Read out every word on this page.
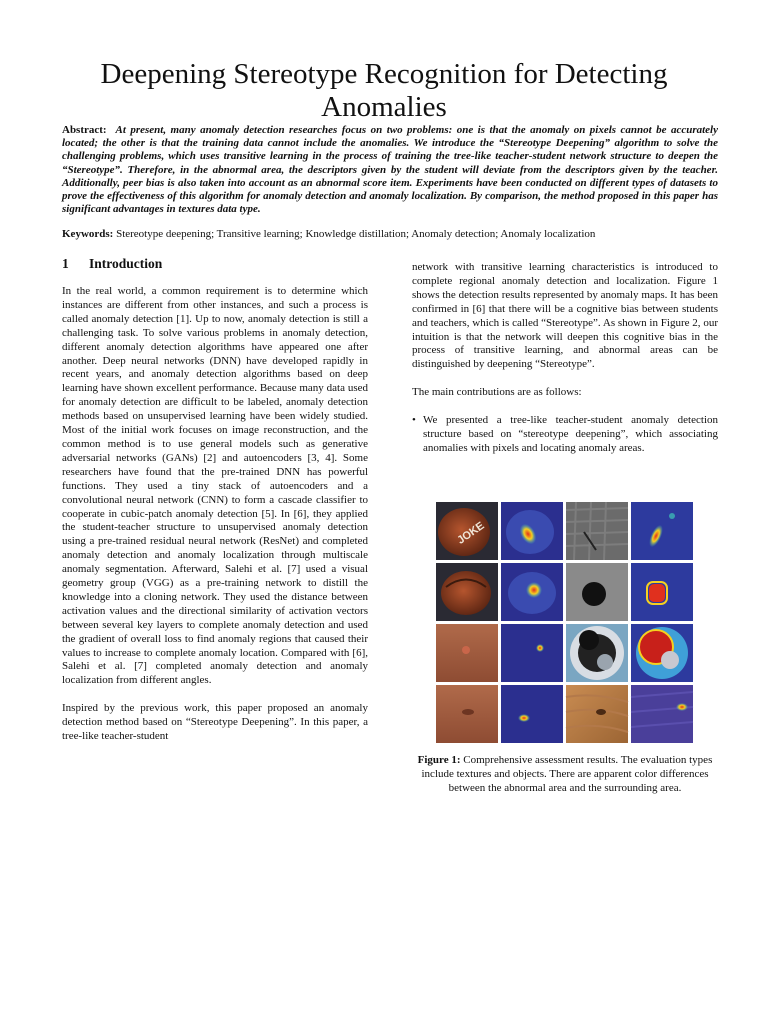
Deepening Stereotype Recognition for Detecting Anomalies

Abstract: At present, many anomaly detection researches focus on two problems: one is that the anomaly on pixels cannot be accurately located; the other is that the training data cannot include the anomalies. We introduce the “Stereotype Deepening” algorithm to solve the challenging problems, which uses transitive learning in the process of training the tree-like teacher-student network structure to deepen the “Stereotype”. Therefore, in the abnormal area, the descriptors given by the student will deviate from the descriptors given by the teacher. Additionally, peer bias is also taken into account as an abnormal score item. Experiments have been conducted on different types of datasets to prove the effectiveness of this algorithm for anomaly detection and anomaly localization. By comparison, the method proposed in this paper has significant advantages in textures data type.

Keywords: Stereotype deepening; Transitive learning; Knowledge distillation; Anomaly detection; Anomaly localization

1 Introduction

In the real world, a common requirement is to determine which instances are different from other instances, and such a process is called anomaly detection [1]. Up to now, anomaly detection is still a challenging task. To solve various problems in anomaly detection, different anomaly detection algorithms have appeared one after another. Deep neural networks (DNN) have developed rapidly in recent years, and anomaly detection algorithms based on deep learning have shown excellent performance. Because many data used for anomaly detection are difficult to be labeled, anomaly detection methods based on unsupervised learning have been widely studied. Most of the initial work focuses on image reconstruction, and the common method is to use general models such as generative adversarial networks (GANs) [2] and autoencoders [3, 4]. Some researchers have found that the pre-trained DNN has powerful functions. They used a tiny stack of autoencoders and a convolutional neural network (CNN) to form a cascade classifier to cooperate in cubic-patch anomaly detection [5]. In [6], they applied the student-teacher structure to unsupervised anomaly detection using a pre-trained residual neural network (ResNet) and completed anomaly detection and anomaly localization through multiscale anomaly segmentation. Afterward, Salehi et al. [7] used a visual geometry group (VGG) as a pre-training network to distill the knowledge into a cloning network. They used the distance between activation values and the directional similarity of activation vectors between several key layers to complete anomaly detection and used the gradient of overall loss to find anomaly regions that caused their values to increase to complete anomaly location. Compared with [6], Salehi et al. [7] completed anomaly detection and anomaly localization from different angles.

Inspired by the previous work, this paper proposed an anomaly detection method based on “Stereotype Deepening”. In this paper, a tree-like teacher-student

network with transitive learning characteristics is introduced to complete regional anomaly detection and localization. Figure 1 shows the detection results represented by anomaly maps. It has been confirmed in [6] that there will be a cognitive bias between students and teachers, which is called “Stereotype”. As shown in Figure 2, our intuition is that the network will deepen this cognitive bias in the process of transitive learning, and abnormal areas can be distinguished by deepening “Stereotype”.

The main contributions are as follows:

• We presented a tree-like teacher-student anomaly detection structure based on “stereotype deepening”, which associating anomalies with pixels and locating anomaly areas.
JOKE

Figure 1: Comprehensive assessment results. The evaluation types include textures and objects. There are apparent color differences between the abnormal area and the surrounding area.
